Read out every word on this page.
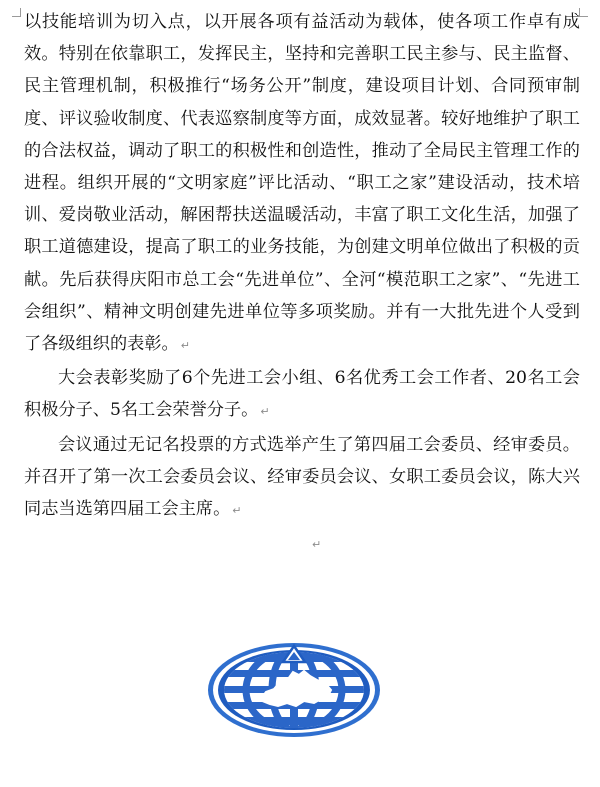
以技能培训为切入点，以开展各项有益活动为载体，使各项工作卓有成效。特别在依靠职工，发挥民主，坚持和完善职工民主参与、民主监督、民主管理机制，积极推行“场务公开”制度，建设项目计划、合同预审制度、评议验收制度、代表巡察制度等方面，成效显著。较好地维护了职工的合法权益，调动了职工的积极性和创造性，推动了全局民主管理工作的进程。组织开展的“文明家庭”评比活动、“职工之家”建设活动，技术培训、爱岗敬业活动，解困帮扶送温暖活动，丰富了职工文化生活，加强了职工道德建设，提高了职工的业务技能，为创建文明单位做出了积极的贡献。先后获得庆阳市总工会“先进单位”、全河“模范职工之家”、“先进工会组织”、精神文明创建先进单位等多项奖励。并有一大批先进个人受到了各级组织的表彰。 ↵

大会表彰奖励了6个先进工会小组、6名优秀工会工作者、20名工会积极分子、5名工会荣誉分子。 ↵

会议通过无记名投票的方式选举产生了第四届工会委员、经审委员。并召开了第一次工会委员会议、经审委员会议、女职工委员会议，陈大兴同志当选第四届工会主席。 ↵

↵
